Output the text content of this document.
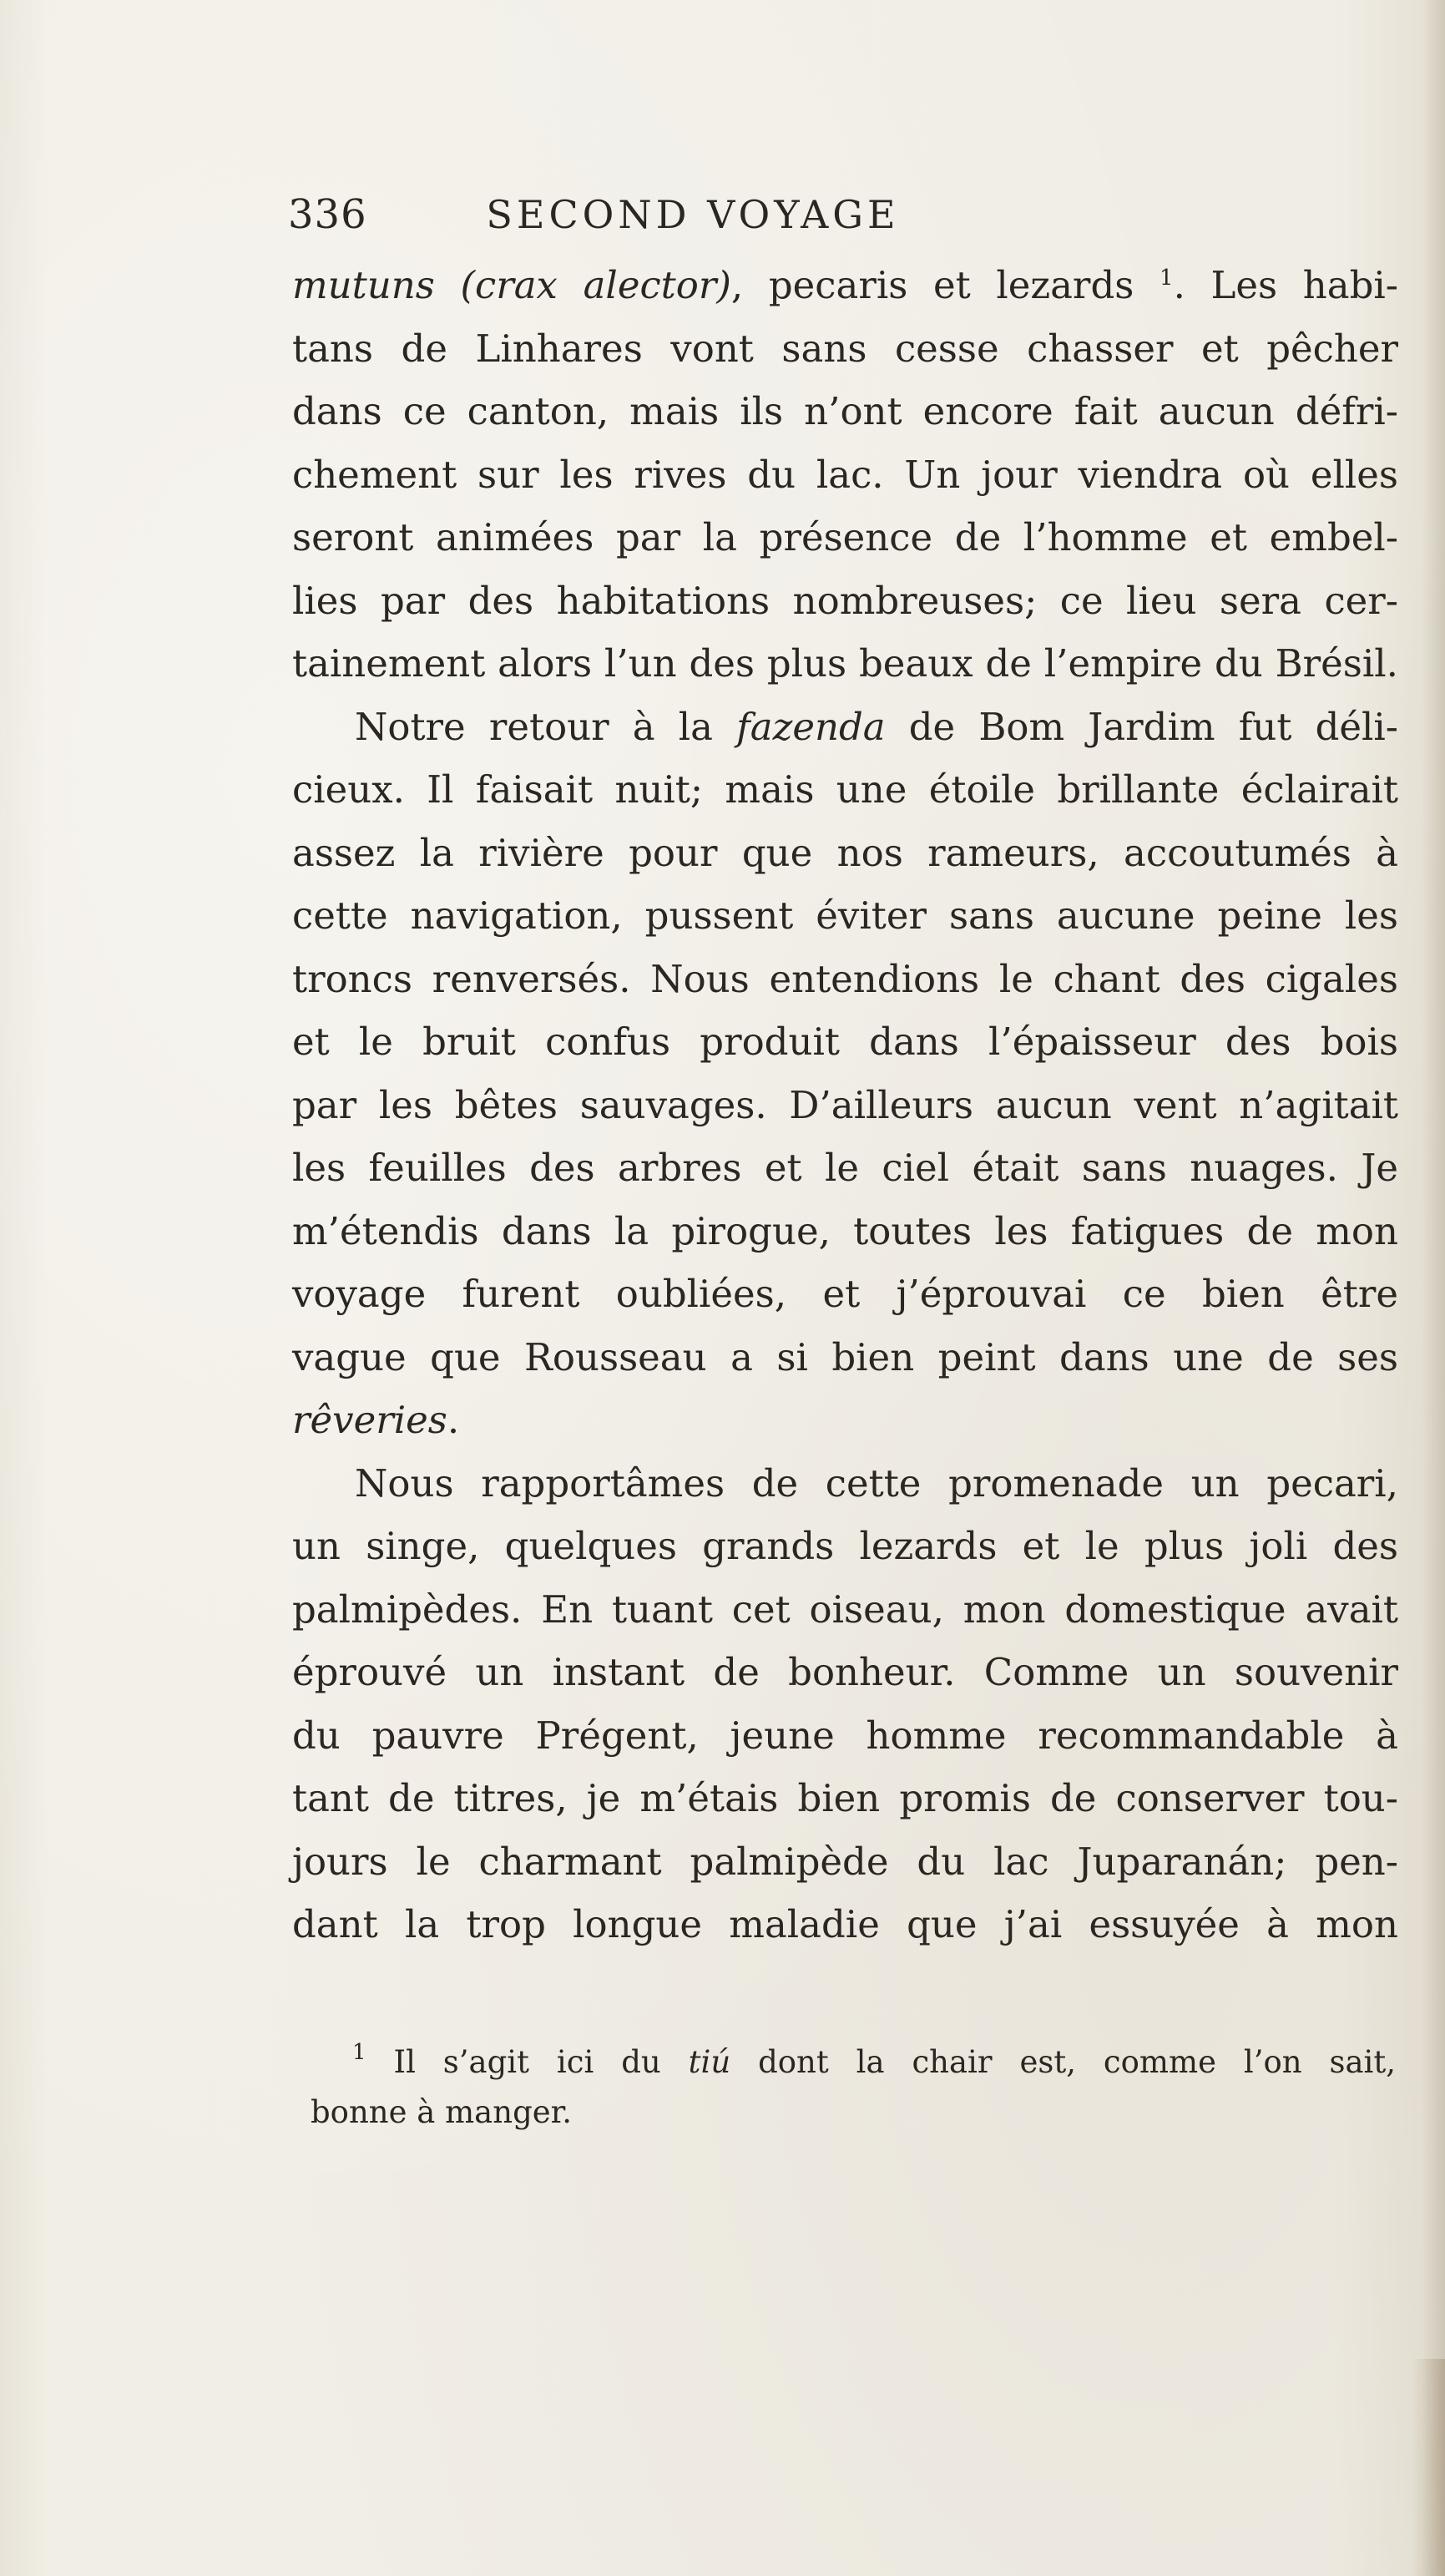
336	SECOND VOYAGE
mutuns (crax alector), pecaris et lezards $^1$. Les habi-
tans de Linhares vont sans cesse chasser et pêcher
dans ce canton, mais ils n’ont encore fait aucun défri-
chement sur les rives du lac. Un jour viendra où elles
seront animées par la présence de l’homme et embel-
lies par des habitations nombreuses; ce lieu sera cer-
tainement alors l’un des plus beaux de l’empire du Brésil.
Notre retour à la fazenda de Bom Jardim fut déli-
cieux. Il faisait nuit; mais une étoile brillante éclairait
assez la rivière pour que nos rameurs, accoutumés à
cette navigation, pussent éviter sans aucune peine les
troncs renversés. Nous entendions le chant des cigales
et le bruit confus produit dans l’épaisseur des bois
par les bêtes sauvages. D’ailleurs aucun vent n’agitait
les feuilles des arbres et le ciel était sans nuages. Je
m’étendis dans la pirogue, toutes les fatigues de mon
voyage furent oubliées, et j’éprouvai ce bien être
vague que Rousseau a si bien peint dans une de ses
rêveries.
Nous rapportâmes de cette promenade un pecari,
un singe, quelques grands lezards et le plus joli des
palmipèdes. En tuant cet oiseau, mon domestique avait
éprouvé un instant de bonheur. Comme un souvenir
du pauvre Prégent, jeune homme recommandable à
tant de titres, je m’étais bien promis de conserver tou-
jours le charmant palmipède du lac Juparanán; pen-
dant la trop longue maladie que j’ai essuyée à mon
$^1$ Il s’agit ici du tiú dont la chair est, comme l’on sait,
bonne à manger.
